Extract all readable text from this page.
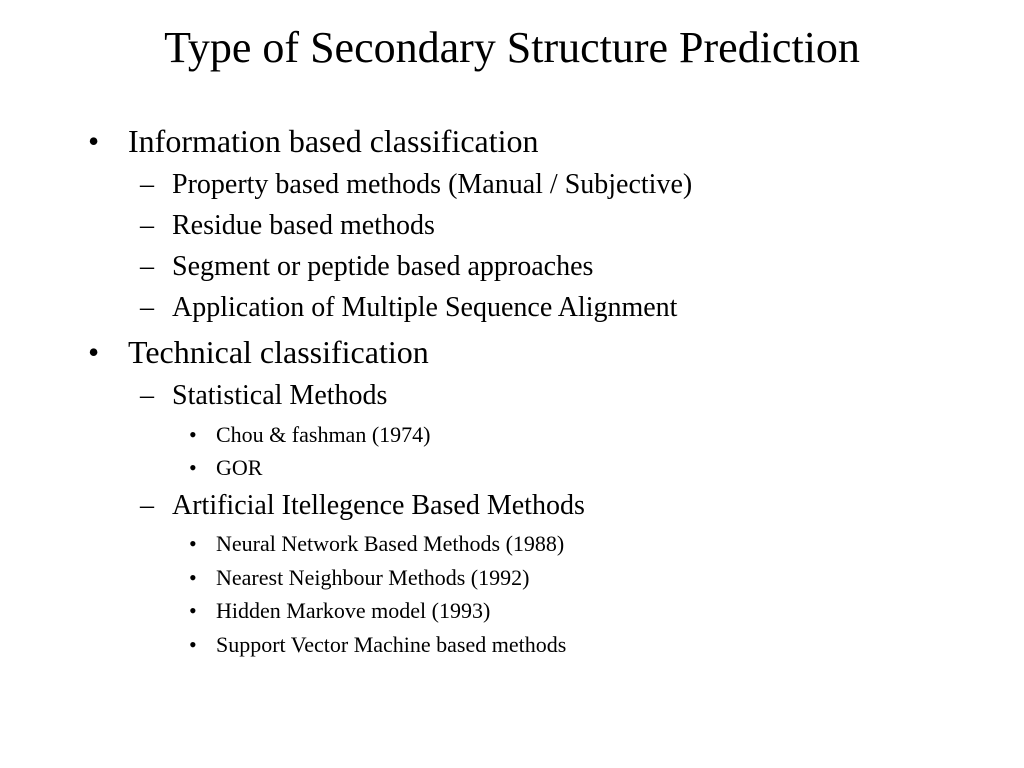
Type of Secondary Structure Prediction
• Information based classification
– Property based methods (Manual / Subjective)
– Residue based methods
– Segment or peptide based approaches
– Application of Multiple Sequence Alignment
• Technical classification
– Statistical Methods
• Chou & fashman (1974)
• GOR
– Artificial Itellegence Based Methods
• Neural Network Based Methods (1988)
• Nearest Neighbour Methods (1992)
• Hidden Markove model (1993)
• Support Vector Machine based methods
